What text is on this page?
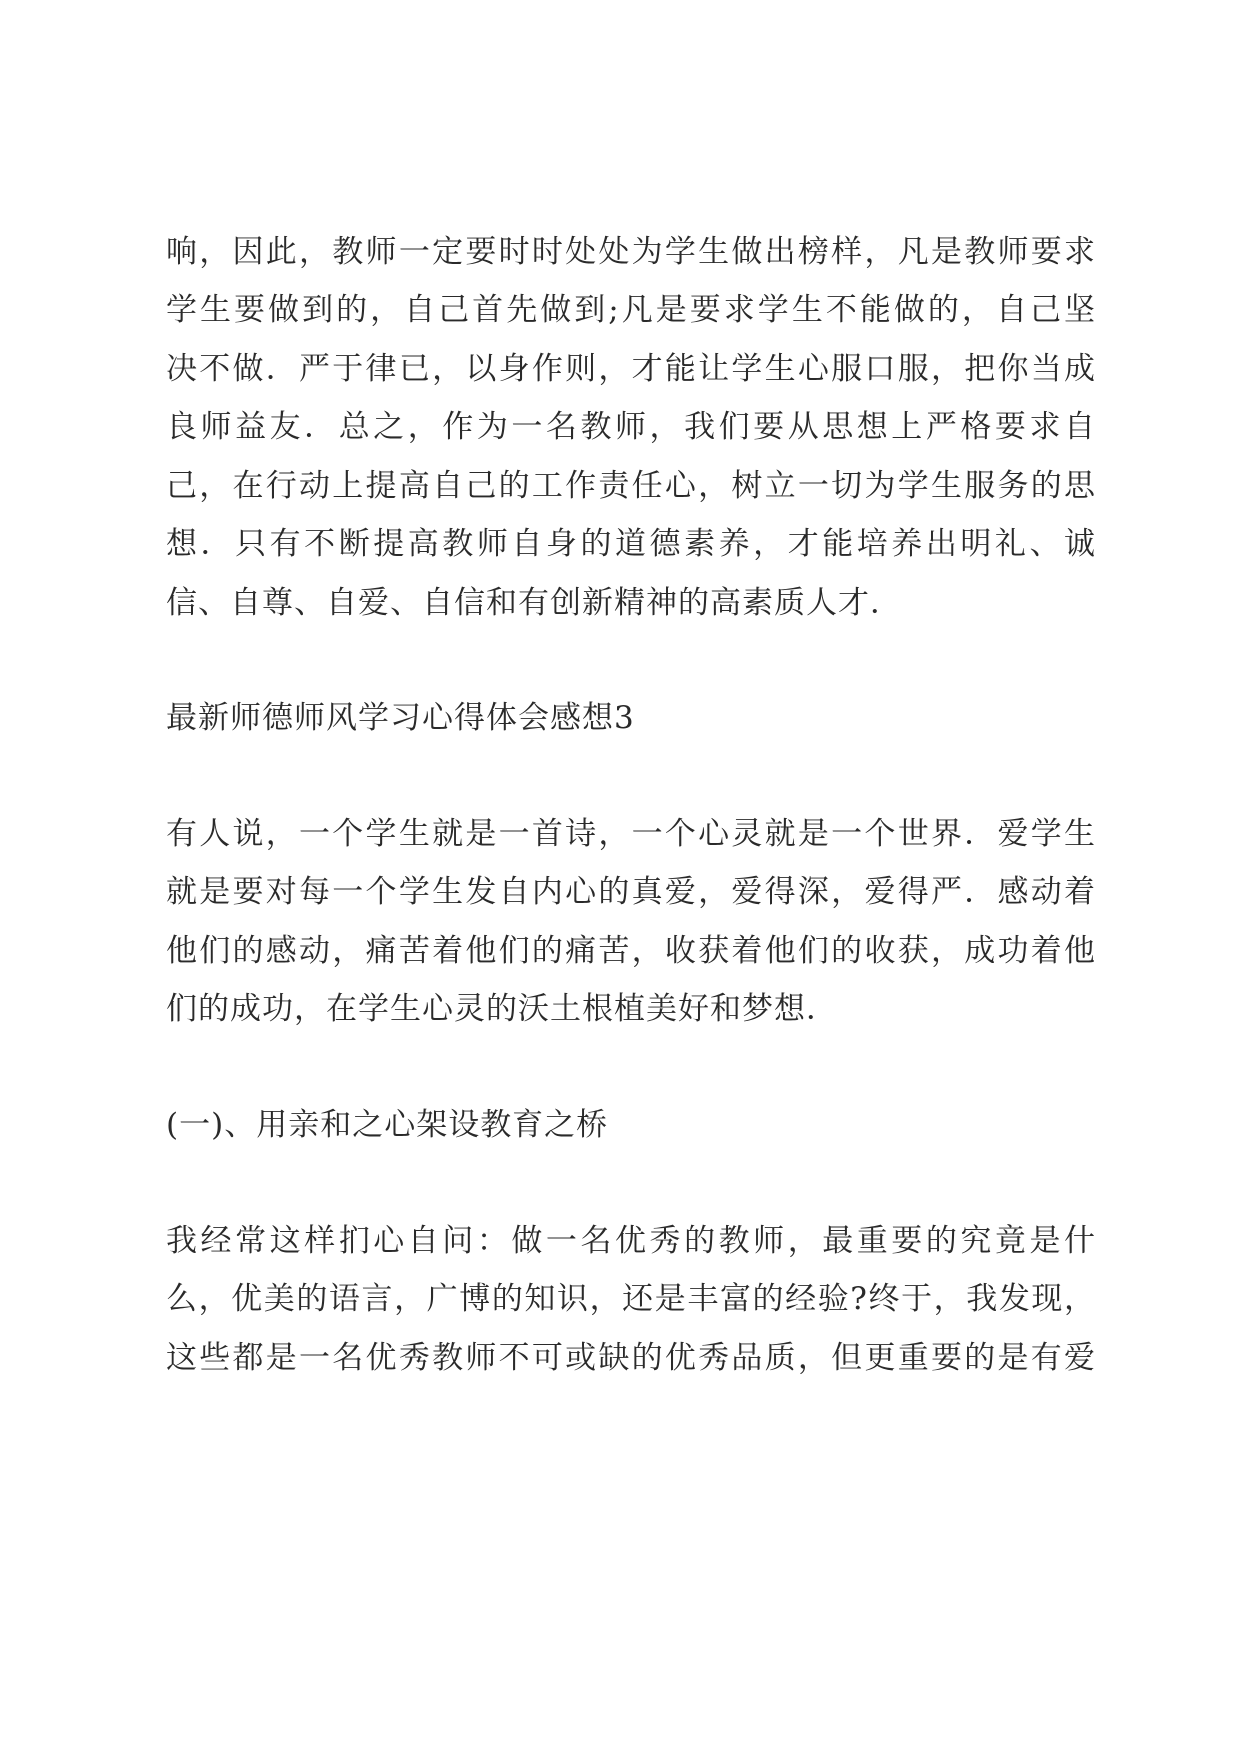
响，因此，教师一定要时时处处为学生做出榜样，凡是教师要求
学生要做到的，自己首先做到;凡是要求学生不能做的，自己坚
决不做．严于律已，以身作则，才能让学生心服口服，把你当成
良师益友．总之，作为一名教师，我们要从思想上严格要求自
己，在行动上提高自己的工作责任心，树立一切为学生服务的思
想．只有不断提高教师自身的道德素养，才能培养出明礼、诚
信、自尊、自爱、自信和有创新精神的高素质人才．
最新师德师风学习心得体会感想3
有人说，一个学生就是一首诗，一个心灵就是一个世界．爱学生
就是要对每一个学生发自内心的真爱，爱得深，爱得严．感动着
他们的感动，痛苦着他们的痛苦，收获着他们的收获，成功着他
们的成功，在学生心灵的沃土根植美好和梦想．
(一)、用亲和之心架设教育之桥
我经常这样扪心自问：做一名优秀的教师，最重要的究竟是什
么，优美的语言，广博的知识，还是丰富的经验?终于，我发现，
这些都是一名优秀教师不可或缺的优秀品质，但更重要的是有爱
